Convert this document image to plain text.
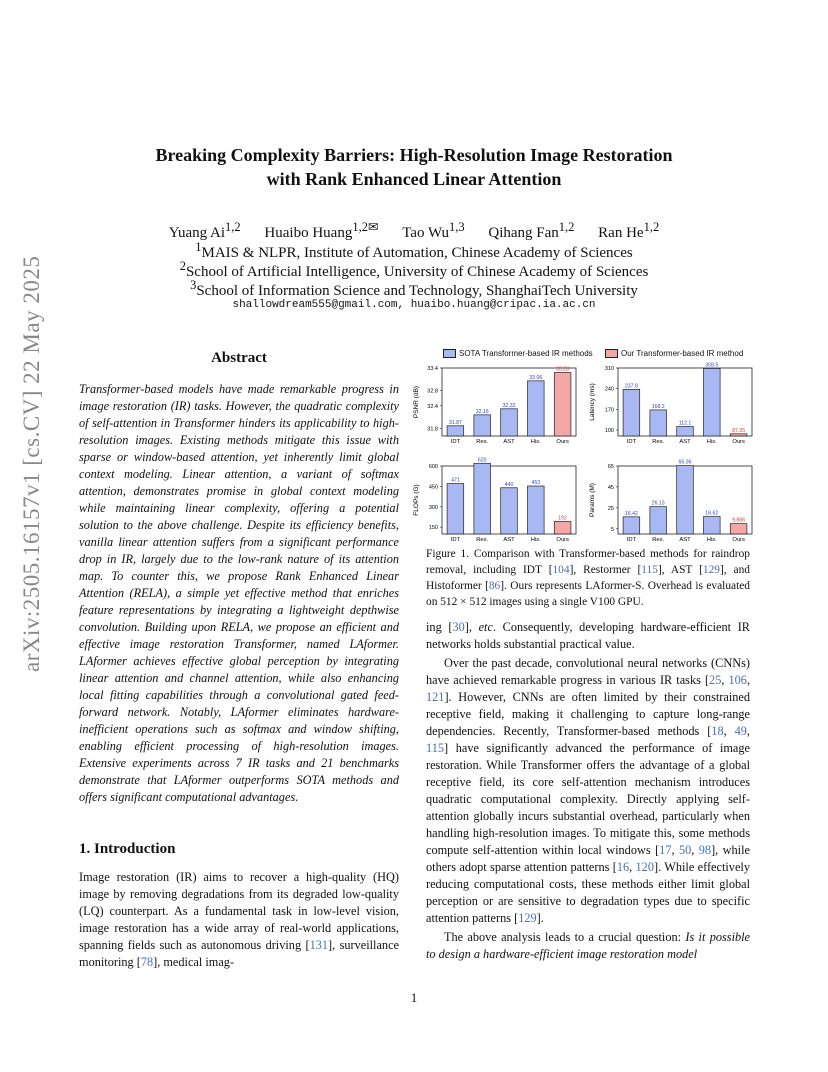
arXiv:2505.16157v1 [cs.CV] 22 May 2025
Breaking Complexity Barriers: High-Resolution Image Restoration
with Rank Enhanced Linear Attention
Yuang Ai$^{1,2}$ Huaibo Huang$^{1,2✉}$ Tao Wu$^{1,3}$ Qihang Fan$^{1,2}$ Ran He$^{1,2}$
$^1$MAIS & NLPR, Institute of Automation, Chinese Academy of Sciences
$^2$School of Artificial Intelligence, University of Chinese Academy of Sciences
$^3$School of Information Science and Technology, ShanghaiTech University
shallowdream555@gmail.com, huaibo.huang@cripac.ia.ac.cn
Abstract
Transformer-based models have made remarkable progress in image restoration (IR) tasks. However, the quadratic complexity of self-attention in Transformer hinders its applicability to high-resolution images. Existing methods mitigate this issue with sparse or window-based attention, yet inherently limit global context modeling. Linear attention, a variant of softmax attention, demonstrates promise in global context modeling while maintaining linear complexity, offering a potential solution to the above challenge. Despite its efficiency benefits, vanilla linear attention suffers from a significant performance drop in IR, largely due to the low-rank nature of its attention map. To counter this, we propose Rank Enhanced Linear Attention (RELA), a simple yet effective method that enriches feature representations by integrating a lightweight depthwise convolution. Building upon RELA, we propose an efficient and effective image restoration Transformer, named LAformer. LAformer achieves effective global perception by integrating linear attention and channel attention, while also enhancing local fitting capabilities through a convolutional gated feed-forward network. Notably, LAformer eliminates hardware-inefficient operations such as softmax and window shifting, enabling efficient processing of high-resolution images. Extensive experiments across 7 IR tasks and 21 benchmarks demonstrate that LAformer outperforms SOTA methods and offers significant computational advantages.
1. Introduction
Image restoration (IR) aims to recover a high-quality (HQ) image by removing degradations from its degraded low-quality (LQ) counterpart. As a fundamental task in low-level vision, image restoration has a wide array of real-world applications, spanning fields such as autonomous driving [131], surveillance monitoring [78], medical imag-
SOTA Transformer-based IR methods	Our Transformer-based IR method
PSNR (dB)
31.8
32.4
32.8
33.4
31.87
IDT
32.16
Res.
32.32
AST
33.06
His.
33.28
Ours
Latency (ms)
100
170
240
310
237.8
IDT
168.2
Res.
112.1
AST
308.5
His.
87.35
Ours
FLOPs (G)
150
300
450
600
471
IDT
620
Res.
440
AST
453
His.
192
Ours
Params (M)
5
25
45
65
16.42
IDT
26.13
Res.
65.36
AST
16.62
His.
9.886
Ours
Figure 1. Comparison with Transformer-based methods for raindrop removal, including IDT [104], Restormer [115], AST [129], and Histoformer [86]. Ours represents LAformer-S. Overhead is evaluated on 512 × 512 images using a single V100 GPU.

ing [30], etc. Consequently, developing hardware-efficient IR networks holds substantial practical value.

Over the past decade, convolutional neural networks (CNNs) have achieved remarkable progress in various IR tasks [25, 106, 121]. However, CNNs are often limited by their constrained receptive field, making it challenging to capture long-range dependencies. Recently, Transformer-based methods [18, 49, 115] have significantly advanced the performance of image restoration. While Transformer offers the advantage of a global receptive field, its core self-attention mechanism introduces quadratic computational complexity. Directly applying self-attention globally incurs substantial overhead, particularly when handling high-resolution images. To mitigate this, some methods compute self-attention within local windows [17, 50, 98], while others adopt sparse attention patterns [16, 120]. While effectively reducing computational costs, these methods either limit global perception or are sensitive to degradation types due to specific attention patterns [129].

The above analysis leads to a crucial question: Is it possible to design a hardware-efficient image restoration model

1
